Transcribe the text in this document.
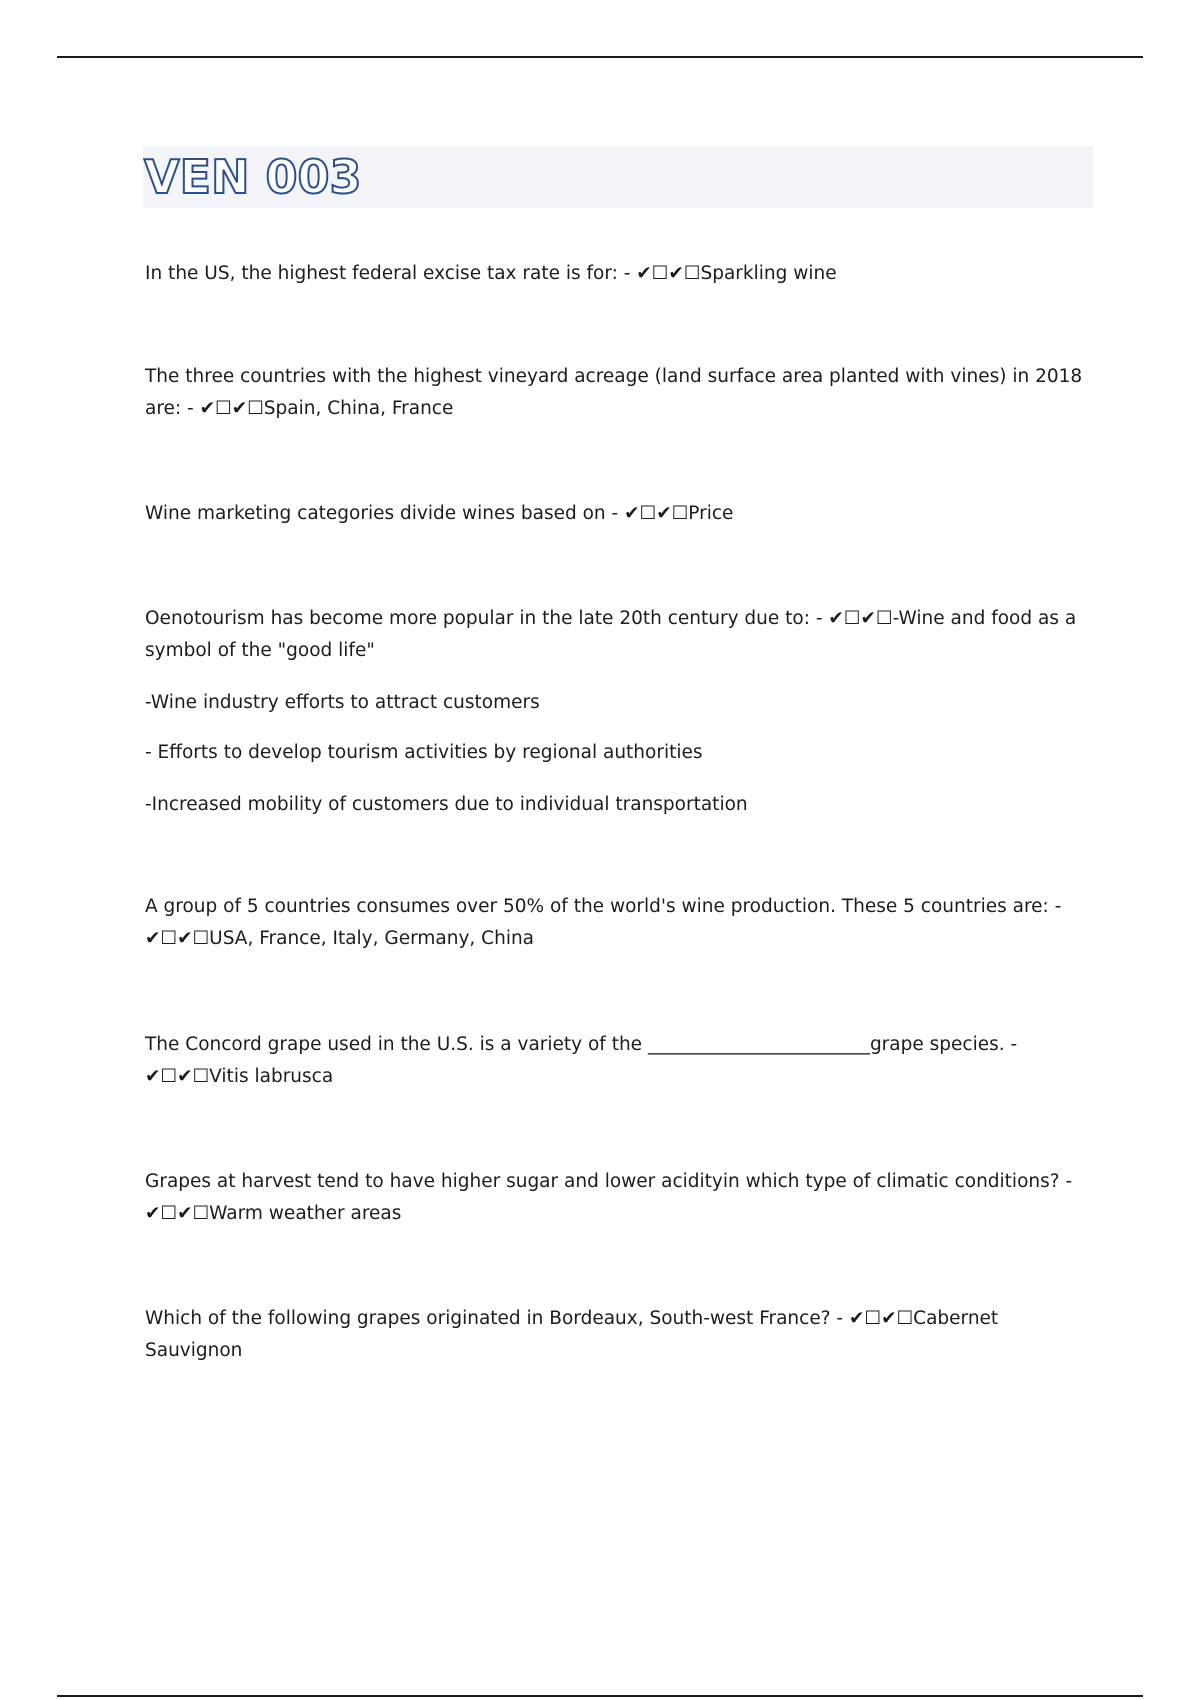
VEN 003

In the US, the highest federal excise tax rate is for: - ✔☐✔☐Sparkling wine

The three countries with the highest vineyard acreage (land surface area planted with vines) in 2018 are: - ✔☐✔☐Spain, China, France

Wine marketing categories divide wines based on - ✔☐✔☐Price

Oenotourism has become more popular in the late 20th century due to: - ✔☐✔☐-Wine and food as a symbol of the "good life"

-Wine industry efforts to attract customers

- Efforts to develop tourism activities by regional authorities

-Increased mobility of customers due to individual transportation

A group of 5 countries consumes over 50% of the world's wine production. These 5 countries are: - ✔☐✔☐USA, France, Italy, Germany, China

The Concord grape used in the U.S. is a variety of the ________________________grape species. - ✔☐✔☐Vitis labrusca

Grapes at harvest tend to have higher sugar and lower acidityin which type of climatic conditions? - ✔☐✔☐Warm weather areas

Which of the following grapes originated in Bordeaux, South-west France? - ✔☐✔☐Cabernet Sauvignon
